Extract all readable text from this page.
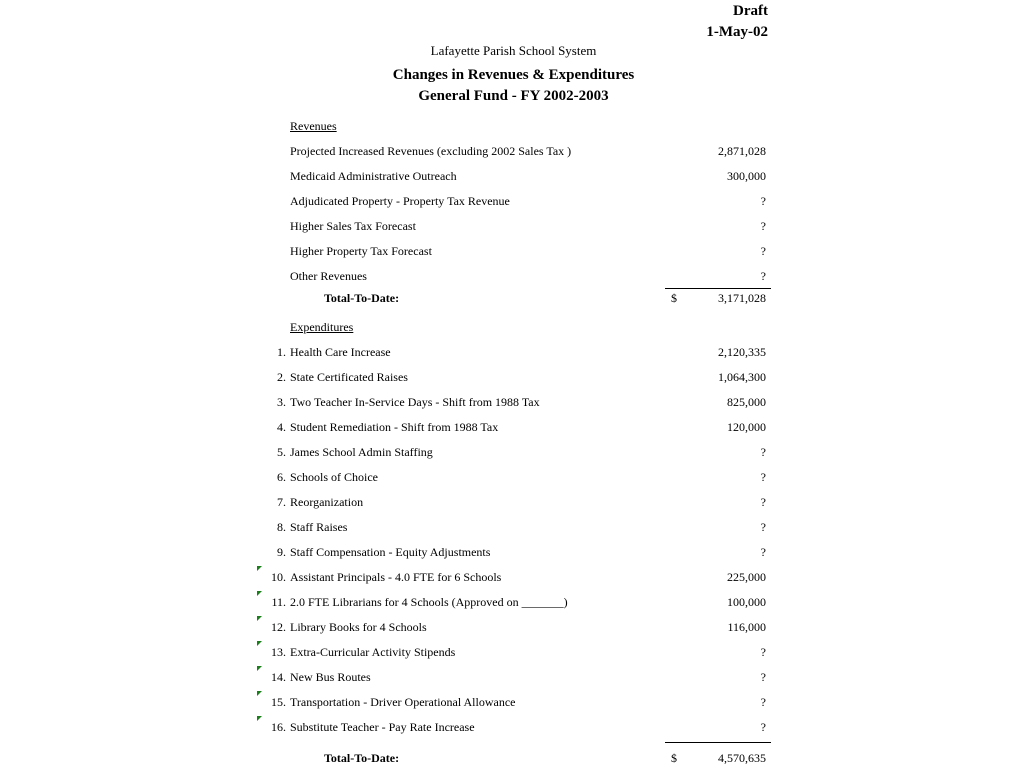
Draft
1-May-02
Lafayette Parish School System
Changes in Revenues & Expenditures
General Fund - FY 2002-2003
Revenues
Projected Increased Revenues (excluding 2002 Sales Tax )	2,871,028
Medicaid Administrative Outreach	300,000
Adjudicated Property - Property Tax Revenue	?
Higher Sales Tax Forecast	?
Higher Property Tax Forecast	?
Other Revenues	?
Total-To-Date:	$	3,171,028
Expenditures
1. Health Care Increase	2,120,335
2. State Certificated Raises	1,064,300
3. Two Teacher In-Service Days - Shift from 1988 Tax	825,000
4. Student Remediation - Shift from 1988 Tax	120,000
5. James School Admin Staffing	?
6. Schools of Choice	?
7. Reorganization	?
8. Staff Raises	?
9. Staff Compensation - Equity Adjustments	?
10. Assistant Principals - 4.0 FTE for 6 Schools	225,000
11. 2.0 FTE Librarians for 4 Schools (Approved on _______)	100,000
12. Library Books for 4 Schools	116,000
13. Extra-Curricular Activity Stipends	?
14. New Bus Routes	?
15. Transportation - Driver Operational Allowance	?
16. Substitute Teacher - Pay Rate Increase	?
Total-To-Date:	$	4,570,635
